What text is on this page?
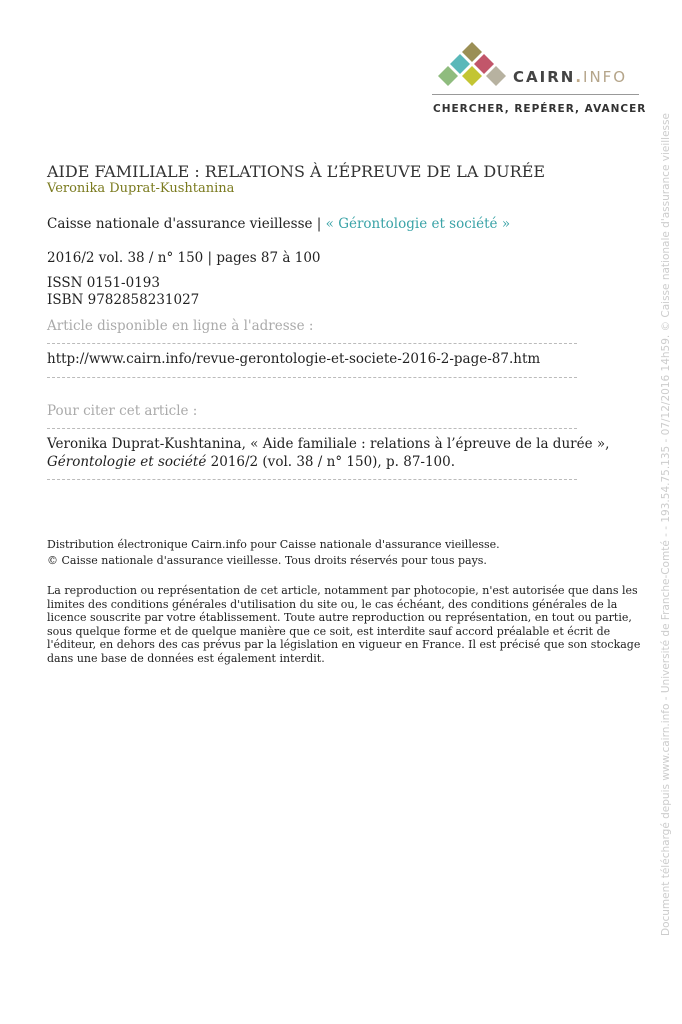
CAIRN.INFO
CHERCHER, REPÉRER, AVANCER
AIDE FAMILIALE : RELATIONS À L’ÉPREUVE DE LA DURÉE
Veronika Duprat-Kushtanina
Caisse nationale d'assurance vieillesse | « Gérontologie et société »
2016/2 vol. 38 / n° 150 | pages 87 à 100
ISSN 0151-0193
ISBN 9782858231027
Article disponible en ligne à l'adresse :
http://www.cairn.info/revue-gerontologie-et-societe-2016-2-page-87.htm
Pour citer cet article :
Veronika Duprat-Kushtanina, « Aide familiale : relations à l’épreuve de la durée »,
Gérontologie et société 2016/2 (vol. 38 / n° 150), p. 87-100.
Distribution électronique Cairn.info pour Caisse nationale d'assurance vieillesse.
© Caisse nationale d'assurance vieillesse. Tous droits réservés pour tous pays.
La reproduction ou représentation de cet article, notamment par photocopie, n'est autorisée que dans les
limites des conditions générales d'utilisation du site ou, le cas échéant, des conditions générales de la
licence souscrite par votre établissement. Toute autre reproduction ou représentation, en tout ou partie,
sous quelque forme et de quelque manière que ce soit, est interdite sauf accord préalable et écrit de
l'éditeur, en dehors des cas prévus par la législation en vigueur en France. Il est précisé que son stockage
dans une base de données est également interdit.	Document téléchargé depuis www.cairn.info - Université de Franche-Comté - - 193.54.75.135 - 07/12/2016 14h59. © Caisse nationale d'assurance vieillesse
